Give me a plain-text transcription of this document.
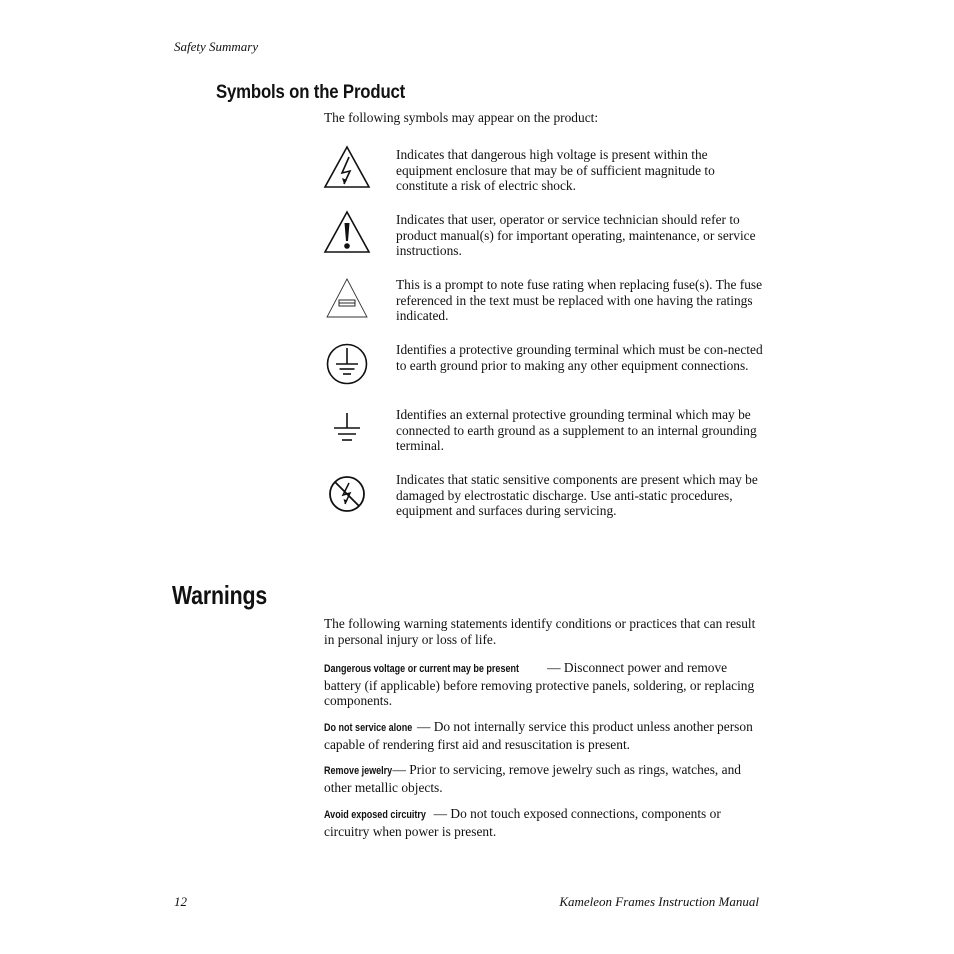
Safety Summary
Symbols on the Product
The following symbols may appear on the product:
Indicates that dangerous high voltage is present within the equipment enclosure that may be of sufficient magnitude to constitute a risk of electric shock.
Indicates that user, operator or service technician should refer to product manual(s) for important operating, maintenance, or service instructions.
This is a prompt to note fuse rating when replacing fuse(s). The fuse referenced in the text must be replaced with one having the ratings indicated.
Identifies a protective grounding terminal which must be con-nected to earth ground prior to making any other equipment connections.
Identifies an external protective grounding terminal which may be connected to earth ground as a supplement to an internal grounding terminal.
Indicates that static sensitive components are present which may be damaged by electrostatic discharge. Use anti-static procedures, equipment and surfaces during servicing.
Warnings
The following warning statements identify conditions or practices that can result in personal injury or loss of life.
Dangerous voltage or current may be present — Disconnect power and remove battery (if applicable) before removing protective panels, soldering, or replacing components.
Do not service alone — Do not internally service this product unless another person capable of rendering first aid and resuscitation is present.
Remove jewelry — Prior to servicing, remove jewelry such as rings, watches, and other metallic objects.
Avoid exposed circuitry — Do not touch exposed connections, components or circuitry when power is present.
12	Kameleon Frames Instruction Manual
